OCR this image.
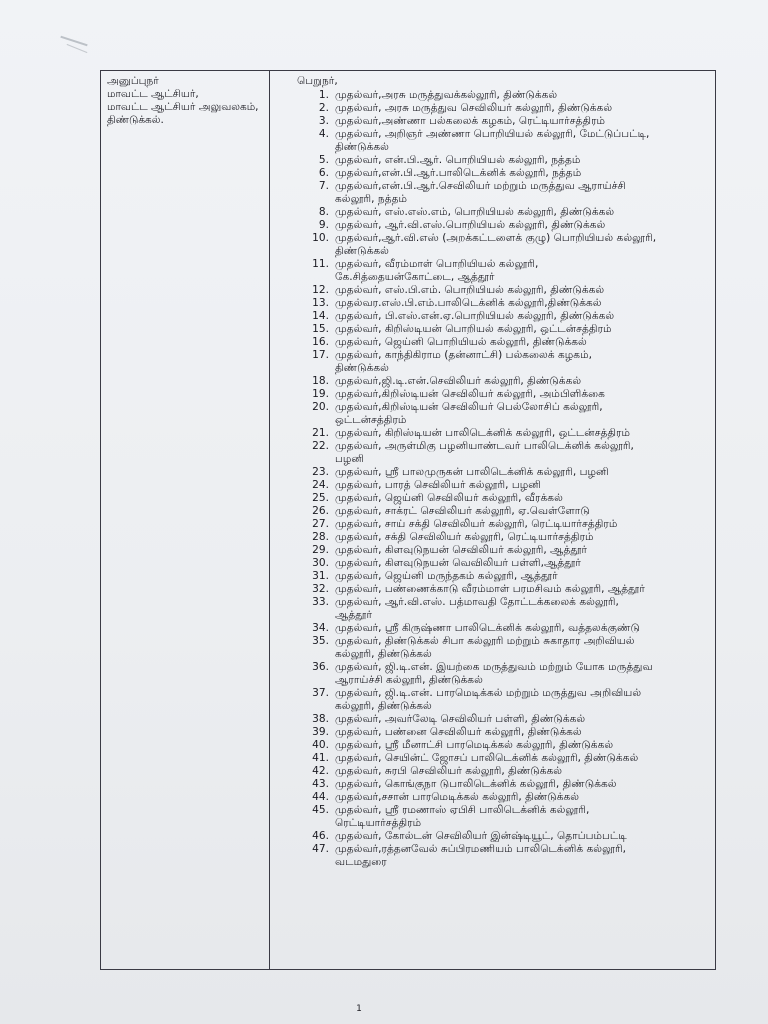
அனுப்புநர்
மாவட்ட ஆட்சியர்,
மாவட்ட ஆட்சியர் அலுவலகம்,
திண்டுக்கல்.
பெறுநர்,
1. முதல்வர்,அரசு மருத்துவக்கல்லூரி, திண்டுக்கல்
2. முதல்வர், அரசு மருத்துவ செவிலியர் கல்லூரி, திண்டுக்கல்
3. முதல்வர்,அண்ணா பல்கலைக் கழகம், ரெட்டியார்சத்திரம்
4. முதல்வர், அறிஞர் அண்ணா பொறியியல் கல்லூரி, மேட்டுப்பட்டி,
திண்டுக்கல்
5. முதல்வர், என்.பி.ஆர். பொறியியல் கல்லூரி, நத்தம்
6. முதல்வர்,என்.பி.ஆர்.பாலிடெக்னிக் கல்லூரி, நத்தம்
7. முதல்வர்,என்.பி.ஆர்.செவிலியர் மற்றும் மருத்துவ ஆராய்ச்சி
கல்லூரி, நத்தம்
8. முதல்வர், எஸ்.எஸ்.எம், பொறியியல் கல்லூரி, திண்டுக்கல்
9. முதல்வர், ஆர்.வி.எஸ்.பொறியியல் கல்லூரி, திண்டுக்கல்
10. முதல்வர்,ஆர்.வி.எஸ் (அறக்கட்டளைக் குழு) பொறியியல் கல்லூரி,
திண்டுக்கல்
11. முதல்வர், வீரம்மாள் பொறியியல் கல்லூரி,
கே.சித்தையன்கோட்டை, ஆத்தூர்
12. முதல்வர், எஸ்.பி.எம். பொறியியல் கல்லூரி, திண்டுக்கல்
13. முதல்வர.எஸ்.பி.எம்.பாலிடெக்னிக் கல்லூரி,திண்டுக்கல்
14. முதல்வர், பி.எஸ்.என்.ஏ.பொறியியல் கல்லூரி, திண்டுக்கல்
15. முதல்வர், கிறிஸ்டியன் பொறியல் கல்லூரி, ஒட்டன்சத்திரம்
16. முதல்வர், ஜெய்னி பொறியியல் கல்லூரி, திண்டுக்கல்
17. முதல்வர், காந்திகிராம (தன்னாட்சி) பல்கலைக் கழகம்,
திண்டுக்கல்
18. முதல்வர்,ஜி.டி.என்.செவிலியர் கல்லூரி, திண்டுக்கல்
19. முதல்வர்,கிறிஸ்டியன் செவிலியர் கல்லூரி, அம்பிளிக்கை
20. முதல்வர்,கிறிஸ்டியன் செவிலியர் பெல்லோசிப் கல்லூரி,
ஒட்டன்சத்திரம்
21. முதல்வர், கிறிஸ்டியன் பாலிடெக்னிக் கல்லூரி, ஒட்டன்சத்திரம்
22. முதல்வர், அருள்மிகு பழனியாண்டவர் பாலிடெக்னிக் கல்லூரி,
பழனி
23. முதல்வர், ஸ்ரீ பாலமுருகன் பாலிடெக்னிக் கல்லூரி, பழனி
24. முதல்வர், பாரத் செவிலியர் கல்லூரி, பழனி
25. முதல்வர், ஜெய்னி செவிலியர் கல்லூரி, வீரக்கல்
26. முதல்வர், சாக்ரட் செவிலியர் கல்லூரி, ஏ.வெள்ளோடு
27. முதல்வர், சாய் சக்தி செவிலியர் கல்லூரி, ரெட்டியார்சத்திரம்
28. முதல்வர், சக்தி செவிலியர் கல்லூரி, ரெட்டியார்சத்திரம்
29. முதல்வர், கிளவுடுநயன் செவிலியர் கல்லூரி, ஆத்தூர்
30. முதல்வர், கிளவுடுநயன் வெவிலியர் பள்ளி,ஆத்தூர்
31. முதல்வர், ஜெய்னி மருந்தகம் கல்லூரி, ஆத்தூர்
32. முதல்வர், பண்ணைக்காடு வீரம்மாள் பரமசிவம் கல்லூரி, ஆத்தூர்
33. முதல்வர், ஆர்.வி.எஸ். பத்மாவதி தோட்டக்கலைக் கல்லூரி,
ஆத்தூர்
34. முதல்வர், ஸ்ரீ கிருஷ்ணா பாலிடெக்னிக் கல்லூரி, வத்தலக்குண்டு
35. முதல்வர், திண்டுக்கல் சிபா கல்லூரி மற்றும் சுகாதார அறிவியல்
கல்லூரி, திண்டுக்கல்
36. முதல்வர், ஜி.டி.என். இயற்கை மருத்துவம் மற்றும் யோக மருத்துவ
ஆராய்ச்சி கல்லூரி, திண்டுக்கல்
37. முதல்வர், ஜி.டி.என். பாரமெடிக்கல் மற்றும் மருத்துவ அறிவியல்
கல்லூரி, திண்டுக்கல்
38. முதல்வர், அவர்லேடி செவிலியர் பள்ளி, திண்டுக்கல்
39. முதல்வர், பண்னை செவிலியர் கல்லூரி, திண்டுக்கல்
40. முதல்வர், ஸ்ரீ மீனாட்சி பாரமெடிக்கல் கல்லூரி, திண்டுக்கல்
41. முதல்வர், செயின்ட் ஜோசப் பாலிடெக்னிக் கல்லூரி, திண்டுக்கல்
42. முதல்வர், சுரபி செவிலியர் கல்லூரி, திண்டுக்கல்
43. முதல்வர், கொங்குநா டுபாலிடெக்னிக் கல்லூரி, திண்டுக்கல்
44. முதல்வர்,சசான் பாரமெடிக்கல் கல்லூரி, திண்டுக்கல்
45. முதல்வர், ஸ்ரீ ரமணாஸ் ஏபிசி பாலிடெக்னிக் கல்லூரி,
ரெட்டியார்சத்திரம்
46. முதல்வர், கோல்டன் செவிலியர் இன்ஷ்டியூட், தொப்பம்பட்டி
47. முதல்வர்,ரத்தனவேல் சுப்பிரமணியம் பாலிடெக்னிக் கல்லூரி,
வடமதுரை
1
